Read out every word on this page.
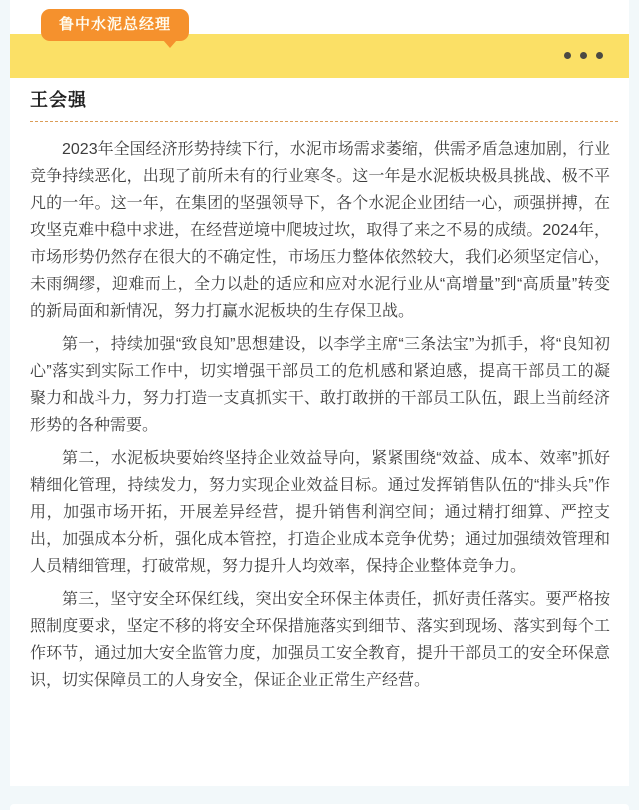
鲁中水泥总经理
王会强

2023年全国经济形势持续下行，水泥市场需求萎缩，供需矛盾急速加剧，行业竞争持续恶化，出现了前所未有的行业寒冬。这一年是水泥板块极具挑战、极不平凡的一年。这一年，在集团的坚强领导下，各个水泥企业团结一心，顽强拼搏，在攻坚克难中稳中求进，在经营逆境中爬坡过坎，取得了来之不易的成绩。2024年，市场形势仍然存在很大的不确定性，市场压力整体依然较大，我们必须坚定信心，未雨绸缪，迎难而上，全力以赴的适应和应对水泥行业从“高增量”到“高质量”转变的新局面和新情况，努力打赢水泥板块的生存保卫战。

第一，持续加强“致良知”思想建设，以李学主席“三条法宝”为抓手，将“良知初心”落实到实际工作中，切实增强干部员工的危机感和紧迫感，提高干部员工的凝聚力和战斗力，努力打造一支真抓实干、敢打敢拼的干部员工队伍，跟上当前经济形势的各种需要。

第二，水泥板块要始终坚持企业效益导向，紧紧围绕“效益、成本、效率”抓好精细化管理，持续发力，努力实现企业效益目标。通过发挥销售队伍的“排头兵”作用，加强市场开拓，开展差异经营，提升销售利润空间；通过精打细算、严控支出，加强成本分析，强化成本管控，打造企业成本竞争优势；通过加强绩效管理和人员精细管理，打破常规，努力提升人均效率，保持企业整体竞争力。

第三，坚守安全环保红线，突出安全环保主体责任，抓好责任落实。要严格按照制度要求，坚定不移的将安全环保措施落实到细节、落实到现场、落实到每个工作环节，通过加大安全监管力度，加强员工安全教育，提升干部员工的安全环保意识，切实保障员工的人身安全，保证企业正常生产经营。
